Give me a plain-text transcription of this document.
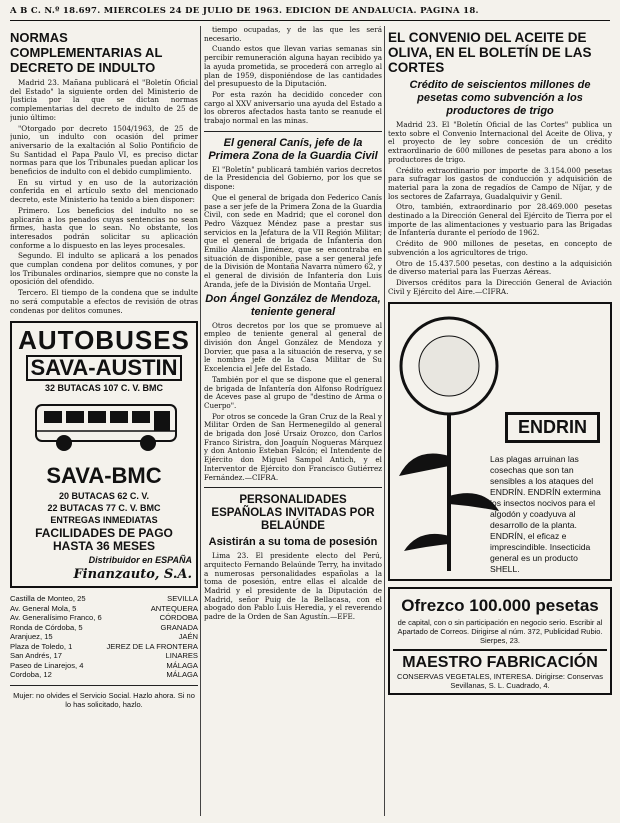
A B C. N.º 18.697. MIÉRCOLES 24 DE JULIO DE 1963. EDICIÓN DE ANDALUCÍA. PÁGINA 18.
NORMAS COMPLEMENTARIAS AL DECRETO DE INDULTO

Madrid 23. Mañana publicará el "Boletín Oficial del Estado" la siguiente orden del Ministerio de Justicia por la que se dictan normas complementarias del decreto de indulto de 25 de junio último:

"Otorgado por decreto 1504/1963, de 25 de junio, un indulto con ocasión del primer aniversario de la exaltación al Solio Pontificio de Su Santidad el Papa Paulo VI, es preciso dictar normas para que los Tribunales puedan aplicar los beneficios de indulto con el debido cumplimiento.

En su virtud y en uso de la autorización conferida en el artículo sexto del mencionado decreto, este Ministerio ha tenido a bien disponer:

Primero. Los beneficios del indulto no se aplicarán a los penados cuyas sentencias no sean firmes, hasta que lo sean. No obstante, los interesados podrán solicitar su aplicación conforme a lo dispuesto en las leyes procesales.

Segundo. El indulto se aplicará a los penados que cumplan condena por delitos comunes, y por los Tribunales ordinarios, siempre que no conste la oposición del ofendido.

Tercero. El tiempo de la condena que se indulte no será computable a efectos de revisión de otras condenas por delitos comunes.

AUTOBUSES
SAVA-AUSTIN
32 BUTACAS 107 C. V. BMC
SAVA-BMC
20 BUTACAS 62 C. V.
22 BUTACAS 77 C. V. BMC
ENTREGAS INMEDIATAS
FACILIDADES DE PAGO HASTA 36 MESES
Distribuidor en ESPAÑA
Finanzauto, S.A.
Castilla de Monteo, 25	SEVILLA
Av. General Mola, 5	ANTEQUERA
Av. Generalísimo Franco, 6	CÓRDOBA
Ronda de Córdoba, 5	GRANADA
Aranjuez, 15	JAÉN
Plaza de Toledo, 1	JEREZ DE LA FRONTERA
San Andrés, 17	LINARES
Paseo de Linarejos, 4	MÁLAGA
Cordoba, 12	MÁLAGA
Mujer: no olvides el Servicio Social. Hazlo ahora. Si no lo has solicitado, hazlo.

tiempo ocupadas, y de las que les será necesario.

Cuando estos que llevan varias semanas sin percibir remuneración alguna hayan recibido ya la ayuda prometida, se procederá con arreglo al plan de 1959, disponiéndose de las cantidades del presupuesto de la Diputación.

Por esta razón ha decidido conceder con cargo al XXV aniversario una ayuda del Estado a los obreros afectados hasta tanto se reanude el trabajo normal en las minas.

El general Canís, jefe de la Primera Zona de la Guardia Civil

El "Boletín" publicará también varios decretos de la Presidencia del Gobierno, por los que se dispone:

Que el general de brigada don Federico Canís pase a ser jefe de la Primera Zona de la Guardia Civil, con sede en Madrid; que el coronel don Pedro Vázquez Méndez pase a prestar sus servicios en la Jefatura de la VII Región Militar; que el general de brigada de Infantería don Emilio Alamán Jiménez, que se encontraba en situación de disponible, pase a ser general jefe de la División de Montaña Navarra número 62, y el general de división de Infantería don Luis Aranda, jefe de la División de Montaña Urgel.

Don Ángel González de Mendoza, teniente general

Otros decretos por los que se promueve al empleo de teniente general al general de división don Ángel González de Mendoza y Dorvier, que pasa a la situación de reserva, y se le nombra jefe de la Casa Militar de Su Excelencia el Jefe del Estado.

También por el que se dispone que el general de brigada de Infantería don Alfonso Rodríguez de Aceves pase al grupo de "destino de Arma o Cuerpo".

Por otros se concede la Gran Cruz de la Real y Militar Orden de San Hermenegildo al general de brigada don José Ursaiz Orozco, don Carlos Franco Siristra, don Joaquín Nogueras Márquez y don Antonio Esteban Falcón; el Intendente de Ejército don Miguel Sampol Antich, y el Interventor de Ejército don Francisco Gutiérrez Fernández.—CIFRA.

PERSONALIDADES ESPAÑOLAS INVITADAS POR BELAÚNDE
Asistirán a su toma de posesión

Lima 23. El presidente electo del Perú, arquitecto Fernando Belaúnde Terry, ha invitado a numerosas personalidades españolas a la toma de posesión, entre ellas el alcalde de Madrid y el presidente de la Diputación de Madrid, señor Puig de la Bellacasa, con el abogado don Pablo Luis Heredia, y el reverendo padre de la Orden de San Agustín.—EFE.

EL CONVENIO DEL ACEITE DE OLIVA, EN EL BOLETÍN DE LAS CORTES
Crédito de seiscientos millones de pesetas como subvención a los productores de trigo

Madrid 23. El "Boletín Oficial de las Cortes" publica un texto sobre el Convenio Internacional del Aceite de Oliva, y el proyecto de ley sobre concesión de un crédito extraordinario de 600 millones de pesetas para abono a los productores de trigo.

Crédito extraordinario por importe de 3.154.000 pesetas para sufragar los gastos de conducción y adquisición de material para la zona de regadíos de Campo de Níjar, y de los sectores de Zafarraya, Guadalquivir y Genil.

Otro, también, extraordinario por 28.469.000 pesetas destinado a la Dirección General del Ejército de Tierra por el importe de las alimentaciones y vestuario para las Brigadas de Infantería durante el período de 1962.

Crédito de 900 millones de pesetas, en concepto de subvención a los agricultores de trigo.

Otro de 15.437.500 pesetas, con destino a la adquisición de diverso material para las Fuerzas Aéreas.

Diversos créditos para la Dirección General de Aviación Civil y Ejército del Aire.—CIFRA.

ENDRIN
Las plagas arruinan las cosechas que son tan sensibles a los ataques del ENDRÍN. ENDRÍN extermina los insectos nocivos para el algodón y coadyuva al desarrollo de la planta. ENDRÍN, el eficaz e imprescindible. Insecticida general es un producto SHELL.
Ofrezco 100.000 pesetas
de capital, con o sin participación en negocio serio. Escribir al Apartado de Correos. Dirigirse al núm. 372, Publicidad Rubio. Sierpes, 23.
MAESTRO FABRICACIÓN
CONSERVAS VEGETALES, INTERESA. Dirigirse: Conservas Sevillanas, S. L. Cuadrado, 4.
